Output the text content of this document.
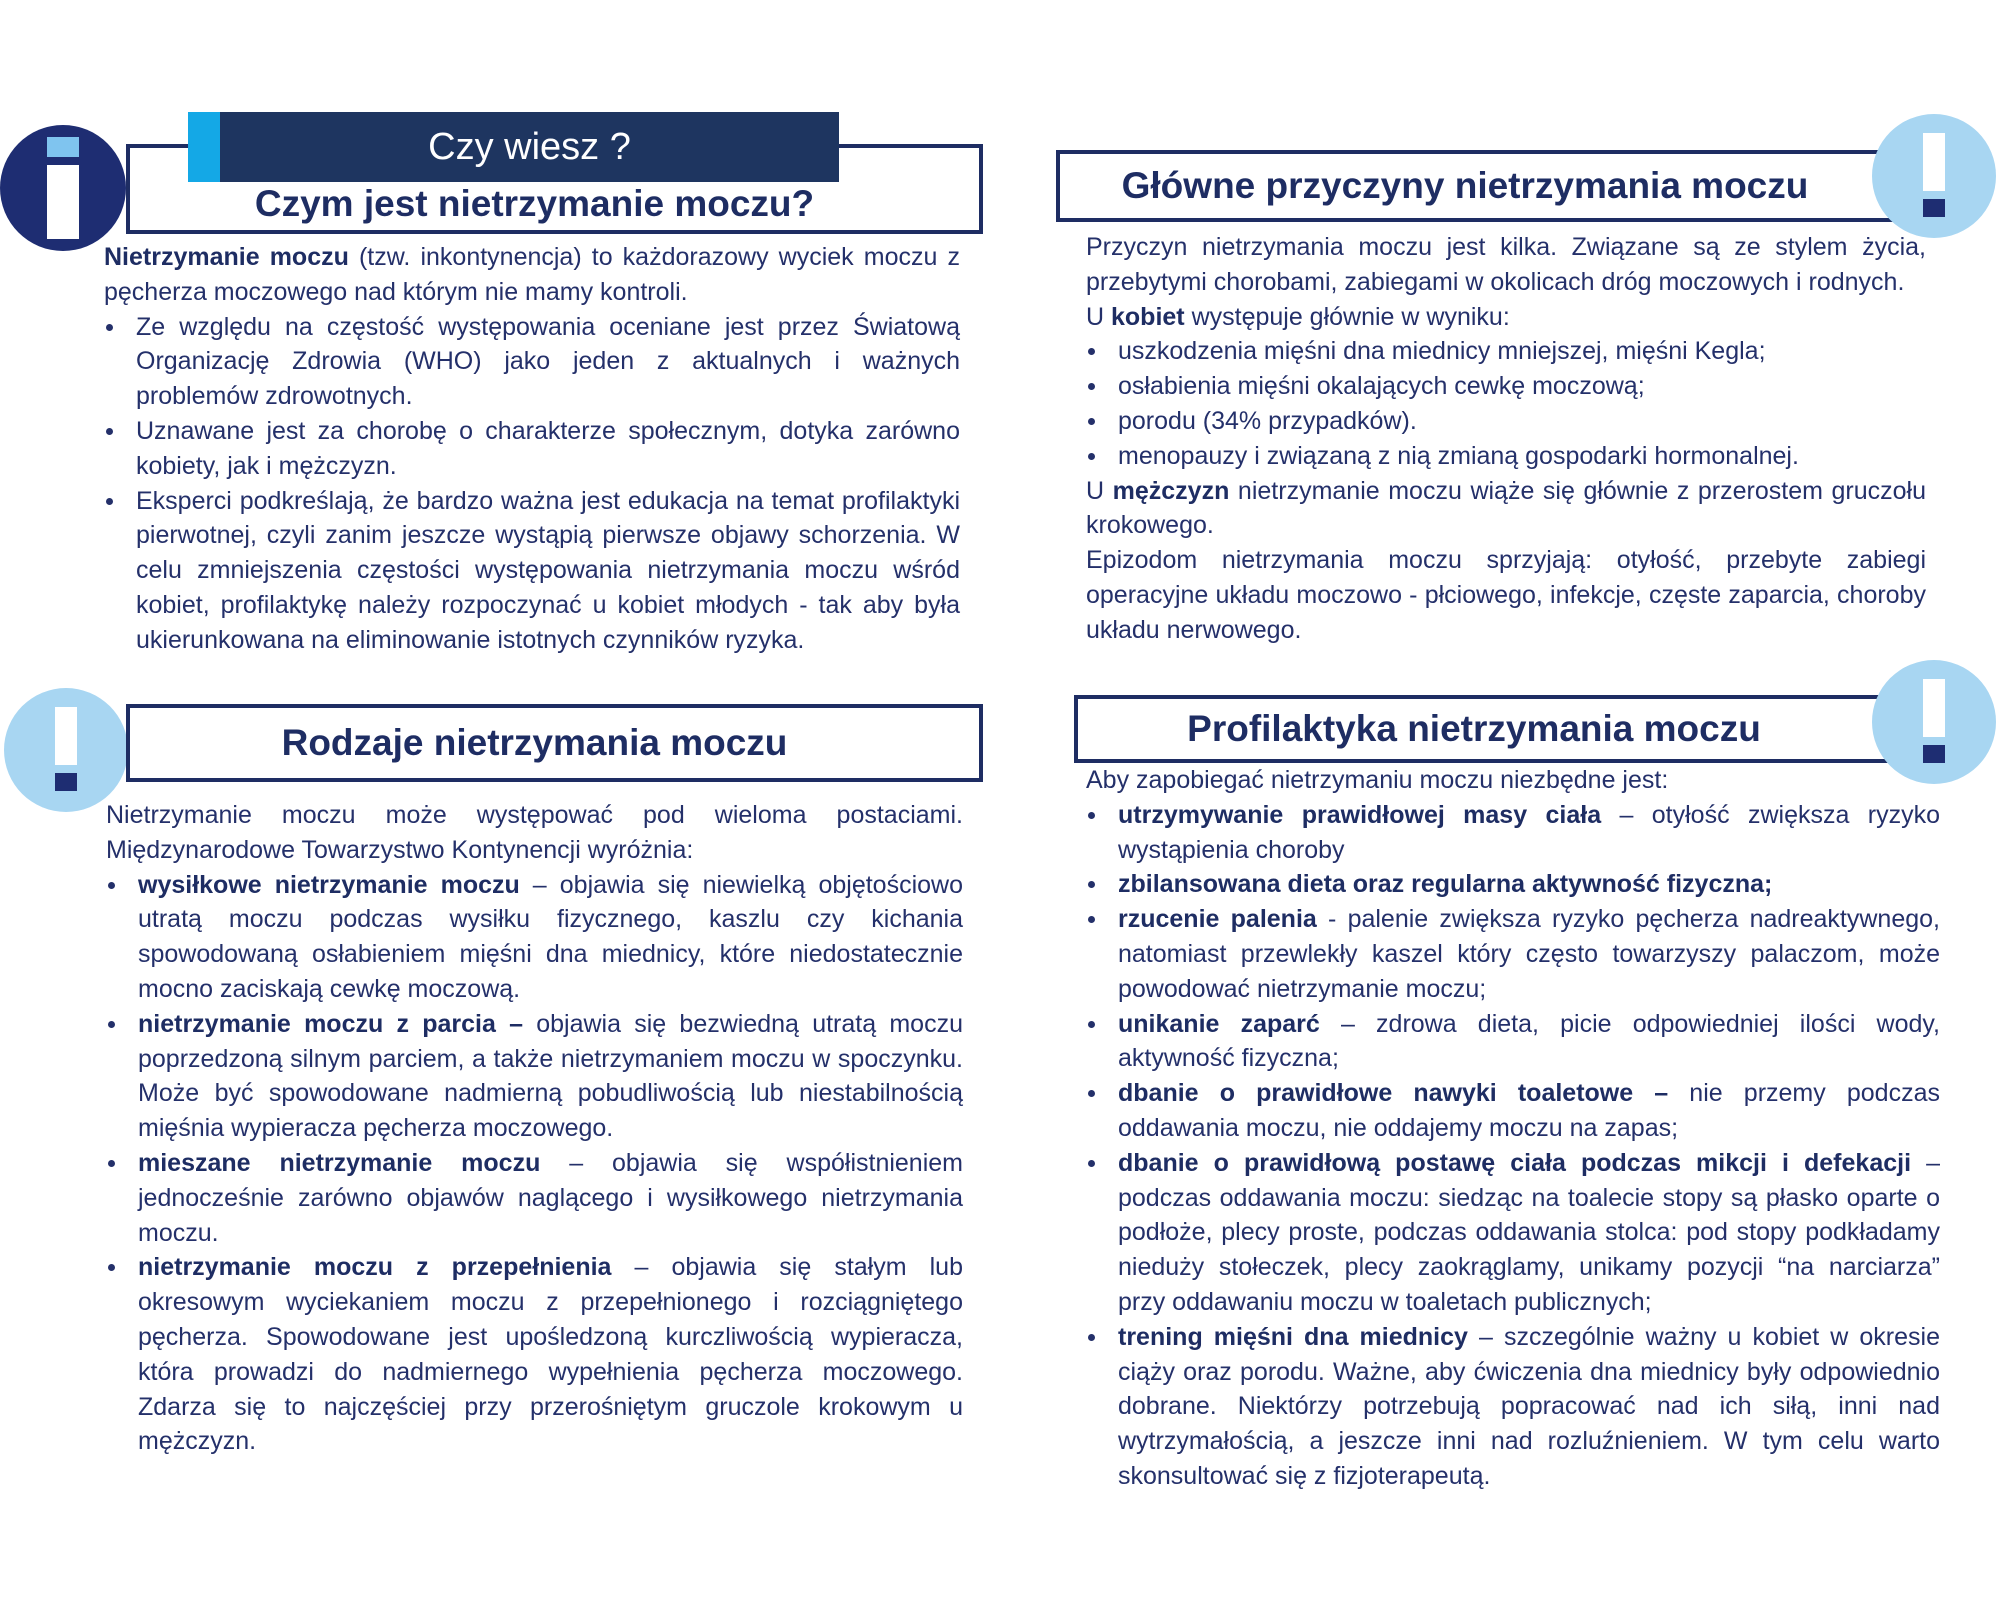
Czym jest nietrzymanie moczu?
Czy wiesz ?

Nietrzymanie moczu (tzw. inkontynencja) to każdorazowy wyciek moczu z pęcherza moczowego nad którym nie mamy kontroli.

Ze względu na częstość występowania oceniane jest przez Światową Organizację Zdrowia (WHO) jako jeden z aktualnych i ważnych problemów zdrowotnych.
Uznawane jest za chorobę o charakterze społecznym, dotyka zarówno kobiety, jak i mężczyzn.
Eksperci podkreślają, że bardzo ważna jest edukacja na temat profilaktyki pierwotnej, czyli zanim jeszcze wystąpią pierwsze objawy schorzenia. W celu zmniejszenia częstości występowania nietrzymania moczu wśród kobiet, profilaktykę należy rozpoczynać u kobiet młodych - tak aby była ukierunkowana na eliminowanie istotnych czynników ryzyka.
Rodzaje nietrzymania moczu

Nietrzymanie moczu może występować pod wieloma postaciami. Międzynarodowe Towarzystwo Kontynencji wyróżnia:

wysiłkowe nietrzymanie moczu – objawia się niewielką objętościowo utratą moczu podczas wysiłku fizycznego, kaszlu czy kichania spowodowaną osłabieniem mięśni dna miednicy, które niedostatecznie mocno zaciskają cewkę moczową.
nietrzymanie moczu z parcia – objawia się bezwiedną utratą moczu poprzedzoną silnym parciem, a także nietrzymaniem moczu w spoczynku. Może być spowodowane nadmierną pobudliwością lub niestabilnością mięśnia wypieracza pęcherza moczowego.
mieszane nietrzymanie moczu – objawia się współistnieniem jednocześnie zarówno objawów naglącego i wysiłkowego nietrzymania moczu.
nietrzymanie moczu z przepełnienia – objawia się stałym lub okresowym wyciekaniem moczu z przepełnionego i rozciągniętego pęcherza. Spowodowane jest upośledzoną kurczliwością wypieracza, która prowadzi do nadmiernego wypełnienia pęcherza moczowego. Zdarza się to najczęściej przy przerośniętym gruczole krokowym u mężczyzn.
Główne przyczyny nietrzymania moczu

Przyczyn nietrzymania moczu jest kilka. Związane są ze stylem życia, przebytymi chorobami, zabiegami w okolicach dróg moczowych i rodnych.

U kobiet występuje głównie w wyniku:

uszkodzenia mięśni dna miednicy mniejszej, mięśni Kegla;
osłabienia mięśni okalających cewkę moczową;
porodu (34% przypadków).
menopauzy i związaną z nią zmianą gospodarki hormonalnej.

U mężczyzn nietrzymanie moczu wiąże się głównie z przerostem gruczołu krokowego.

Epizodom nietrzymania moczu sprzyjają: otyłość, przebyte zabiegi operacyjne układu moczowo - płciowego, infekcje, częste zaparcia, choroby układu nerwowego.

Profilaktyka nietrzymania moczu

Aby zapobiegać nietrzymaniu moczu niezbędne jest:

utrzymywanie prawidłowej masy ciała – otyłość zwiększa ryzyko wystąpienia choroby
zbilansowana dieta oraz regularna aktywność fizyczna;
rzucenie palenia - palenie zwiększa ryzyko pęcherza nadreaktywnego, natomiast przewlekły kaszel który często towarzyszy palaczom, może powodować nietrzymanie moczu;
unikanie zaparć – zdrowa dieta, picie odpowiedniej ilości wody, aktywność fizyczna;
dbanie o prawidłowe nawyki toaletowe – nie przemy podczas oddawania moczu, nie oddajemy moczu na zapas;
dbanie o prawidłową postawę ciała podczas mikcji i defekacji – podczas oddawania moczu: siedząc na toalecie stopy są płasko oparte o podłoże, plecy proste, podczas oddawania stolca: pod stopy podkładamy nieduży stołeczek, plecy zaokrąglamy, unikamy pozycji “na narciarza” przy oddawaniu moczu w toaletach publicznych;
trening mięśni dna miednicy – szczególnie ważny u kobiet w okresie ciąży oraz porodu. Ważne, aby ćwiczenia dna miednicy były odpowiednio dobrane. Niektórzy potrzebują popracować nad ich siłą, inni nad wytrzymałością, a jeszcze inni nad rozluźnieniem. W tym celu warto skonsultować się z fizjoterapeutą.
